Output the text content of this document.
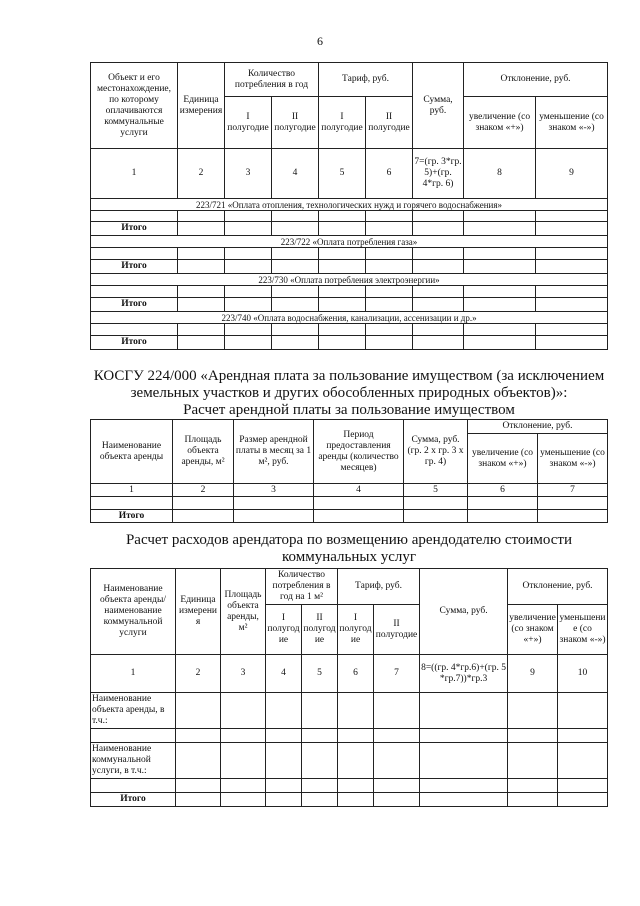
6
Объект и его местонахождение, по которому оплачиваются коммунальные услуги	Единица измерения	Количество потребления в год		Тариф, руб.		Сумма, руб.	Отклонение, руб.	
		I полугодие	II полугодие	I полугодие	II полугодие		увеличение (со знаком «+»)	уменьшение (со знаком «-»)
1	2	3	4	5	6	7=(гр. 3*гр. 5)+(гр. 4*гр. 6)	8	9
223/721 «Оплата отопления, технологических нужд и горячего водоснабжения»								

Итого								
223/722 «Оплата потребления газа»								

Итого								
223/730 «Оплата потребления электроэнергии»								

Итого								
223/740 «Оплата водоснабжения, канализации, ассенизации и др.»								

Итого								
КОСГУ 224/000 «Арендная плата за пользование имуществом (за исключением земельных участков и других обособленных природных объектов)»:
Расчет арендной платы за пользование имуществом
Наименование объекта аренды	Площадь объекта аренды, м²	Размер арендной платы в месяц за 1 м², руб.	Период предоставления аренды (количество месяцев)	Сумма, руб. (гр. 2 х гр. 3 х гр. 4)	Отклонение, руб.	
					увеличение (со знаком «+»)	уменьшение (со знаком «-»)
1	2	3	4	5	6	7

Итого						
Расчет расходов арендатора по возмещению арендодателю стоимости коммунальных услуг
Наименование объекта аренды/ наименование коммунальной услуги	Единица измерения	Площадь объекта аренды, м²	Количество потребления в год на 1 м²		Тариф, руб.		Сумма, руб.	Отклонение, руб.	
			I полугодие	II полугодие	I полугодие	II полугодие		увеличение (со знаком «+»)	уменьшение (со знаком «-»)
1	2	3	4	5	6	7	8=((гр. 4*гр.6)+(гр. 5 *гр.7))*гр.3	9	10
Наименование объекта аренды, в т.ч.:									

Наименование коммунальной услуги, в т.ч.:									

Итого									
